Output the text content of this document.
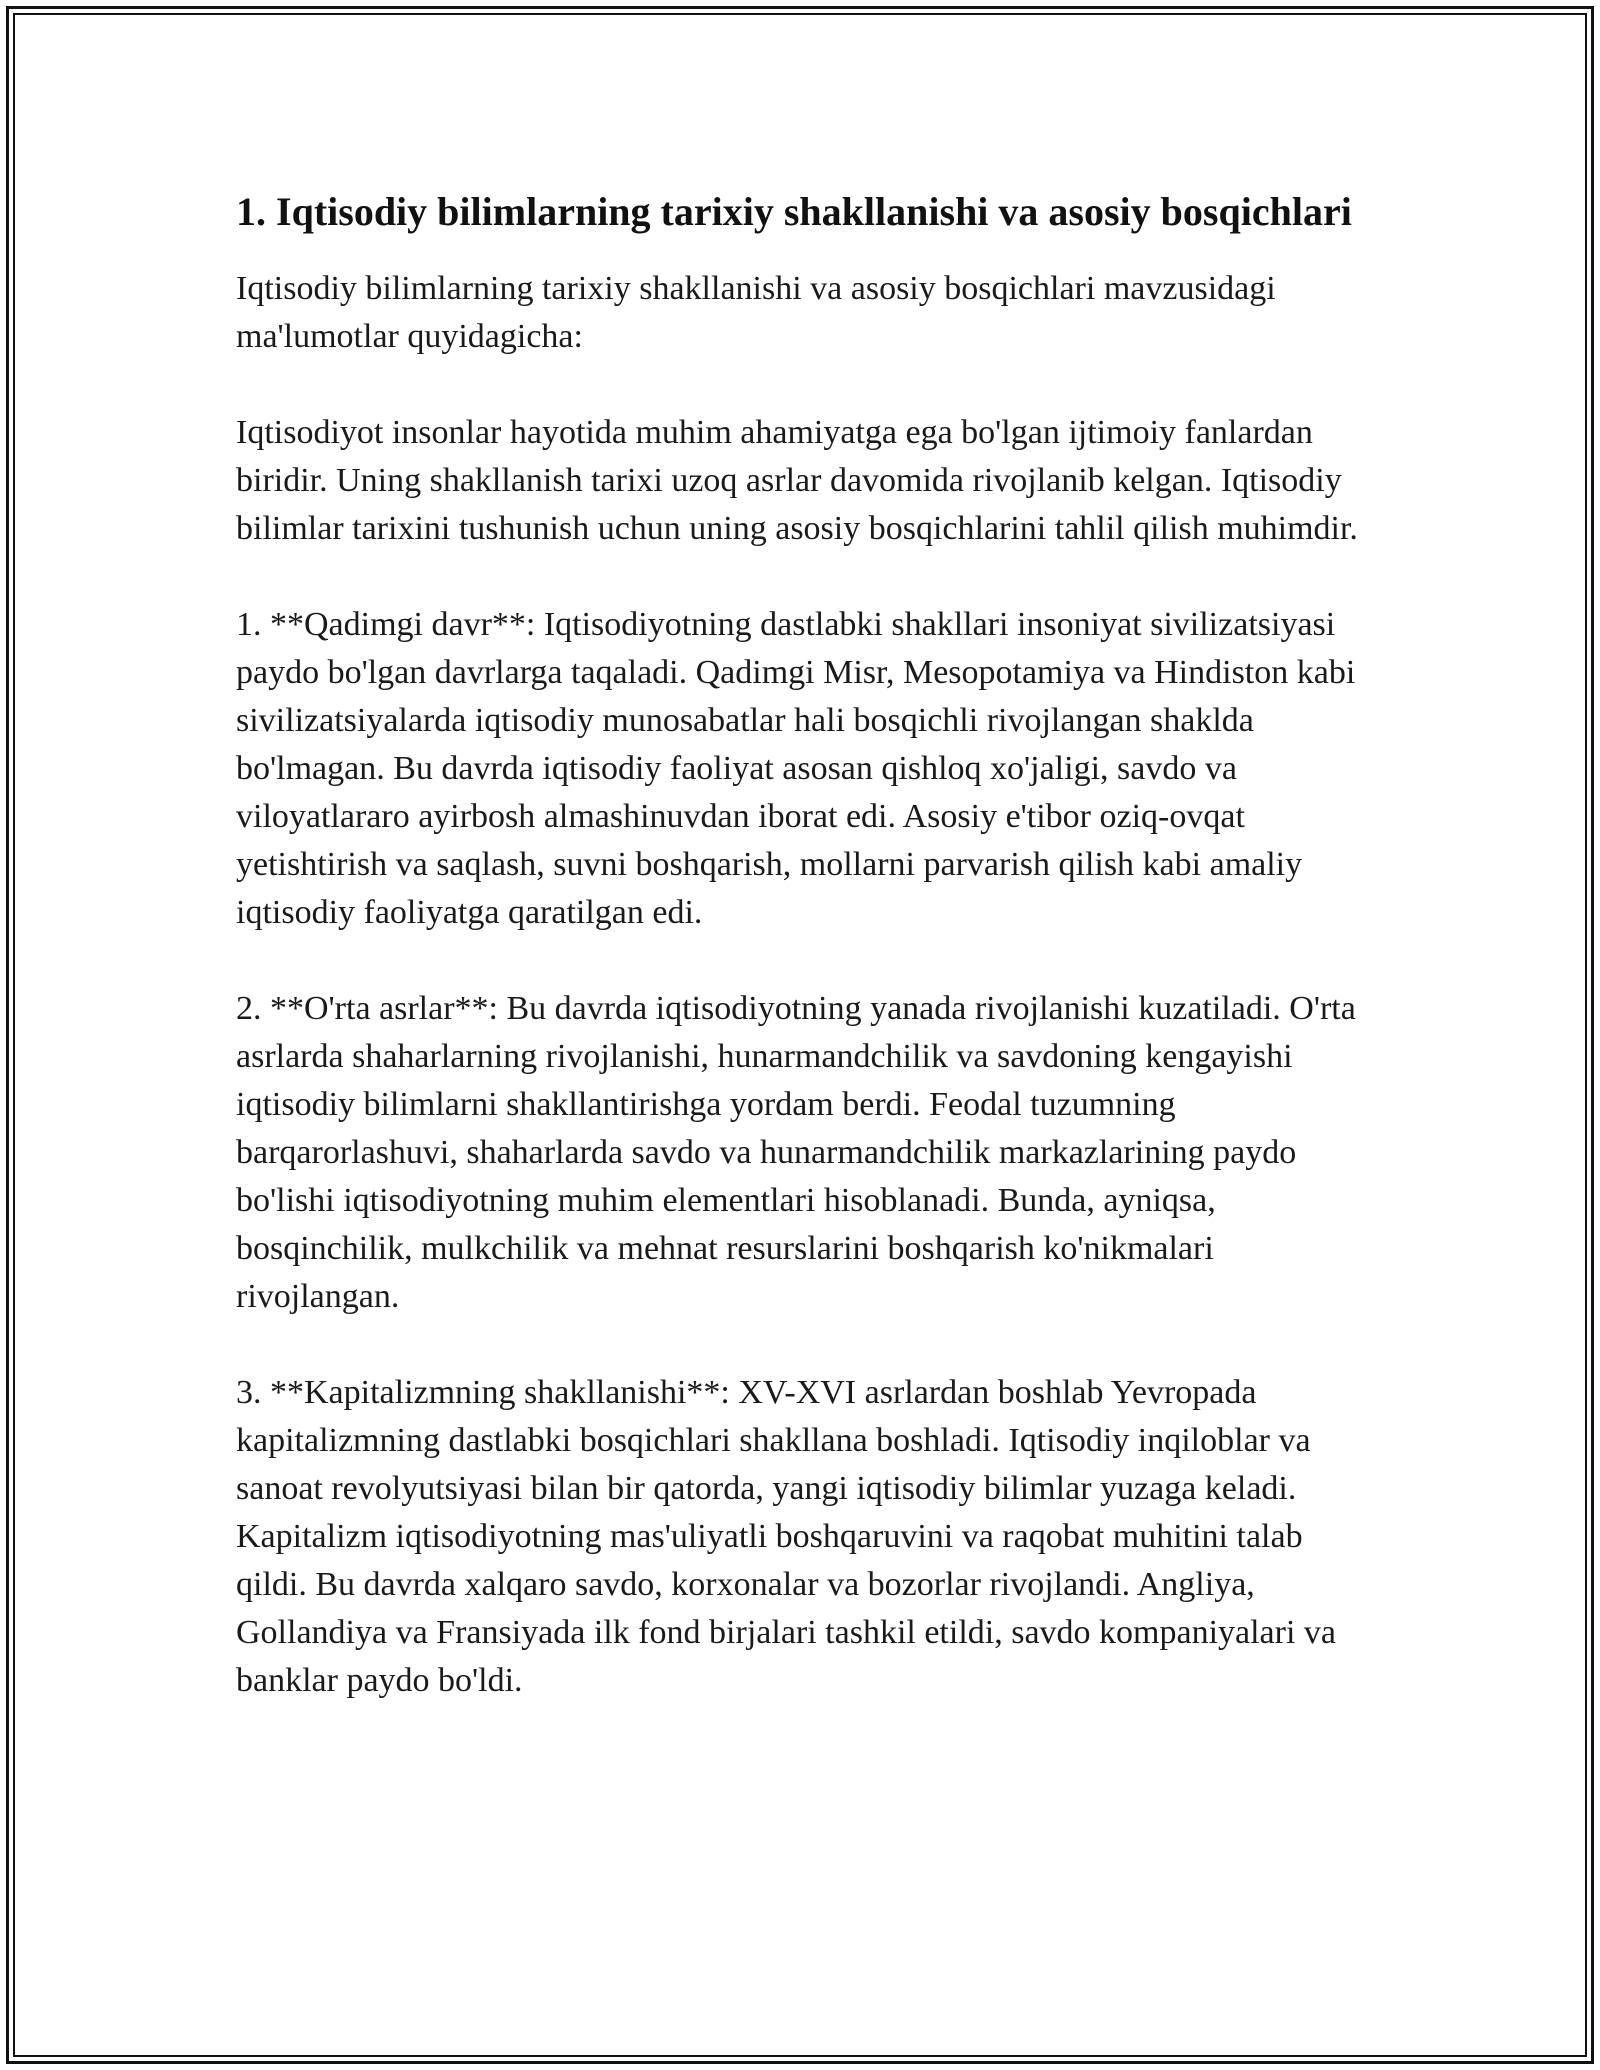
1. Iqtisodiy bilimlarning tarixiy shakllanishi va asosiy bosqichlari

Iqtisodiy bilimlarning tarixiy shakllanishi va asosiy bosqichlari mavzusidagi ma'lumotlar quyidagicha:

Iqtisodiyot insonlar hayotida muhim ahamiyatga ega bo'lgan ijtimoiy fanlardan biridir. Uning shakllanish tarixi uzoq asrlar davomida rivojlanib kelgan. Iqtisodiy bilimlar tarixini tushunish uchun uning asosiy bosqichlarini tahlil qilish muhimdir.

1. **Qadimgi davr**: Iqtisodiyotning dastlabki shakllari insoniyat sivilizatsiyasi paydo bo'lgan davrlarga taqaladi. Qadimgi Misr, Mesopotamiya va Hindiston kabi sivilizatsiyalarda iqtisodiy munosabatlar hali bosqichli rivojlangan shaklda bo'lmagan. Bu davrda iqtisodiy faoliyat asosan qishloq xo'jaligi, savdo va viloyatlararo ayirbosh almashinuvdan iborat edi. Asosiy e'tibor oziq-ovqat yetishtirish va saqlash, suvni boshqarish, mollarni parvarish qilish kabi amaliy iqtisodiy faoliyatga qaratilgan edi.

2. **O'rta asrlar**: Bu davrda iqtisodiyotning yanada rivojlanishi kuzatiladi. O'rta asrlarda shaharlarning rivojlanishi, hunarmandchilik va savdoning kengayishi iqtisodiy bilimlarni shakllantirishga yordam berdi. Feodal tuzumning barqarorlashuvi, shaharlarda savdo va hunarmandchilik markazlarining paydo bo'lishi iqtisodiyotning muhim elementlari hisoblanadi. Bunda, ayniqsa, bosqinchilik, mulkchilik va mehnat resurslarini boshqarish ko'nikmalari rivojlangan.

3. **Kapitalizmning shakllanishi**: XV-XVI asrlardan boshlab Yevropada kapitalizmning dastlabki bosqichlari shakllana boshladi. Iqtisodiy inqiloblar va sanoat revolyutsiyasi bilan bir qatorda, yangi iqtisodiy bilimlar yuzaga keladi. Kapitalizm iqtisodiyotning mas'uliyatli boshqaruvini va raqobat muhitini talab qildi. Bu davrda xalqaro savdo, korxonalar va bozorlar rivojlandi. Angliya, Gollandiya va Fransiyada ilk fond birjalari tashkil etildi, savdo kompaniyalari va banklar paydo bo'ldi.
